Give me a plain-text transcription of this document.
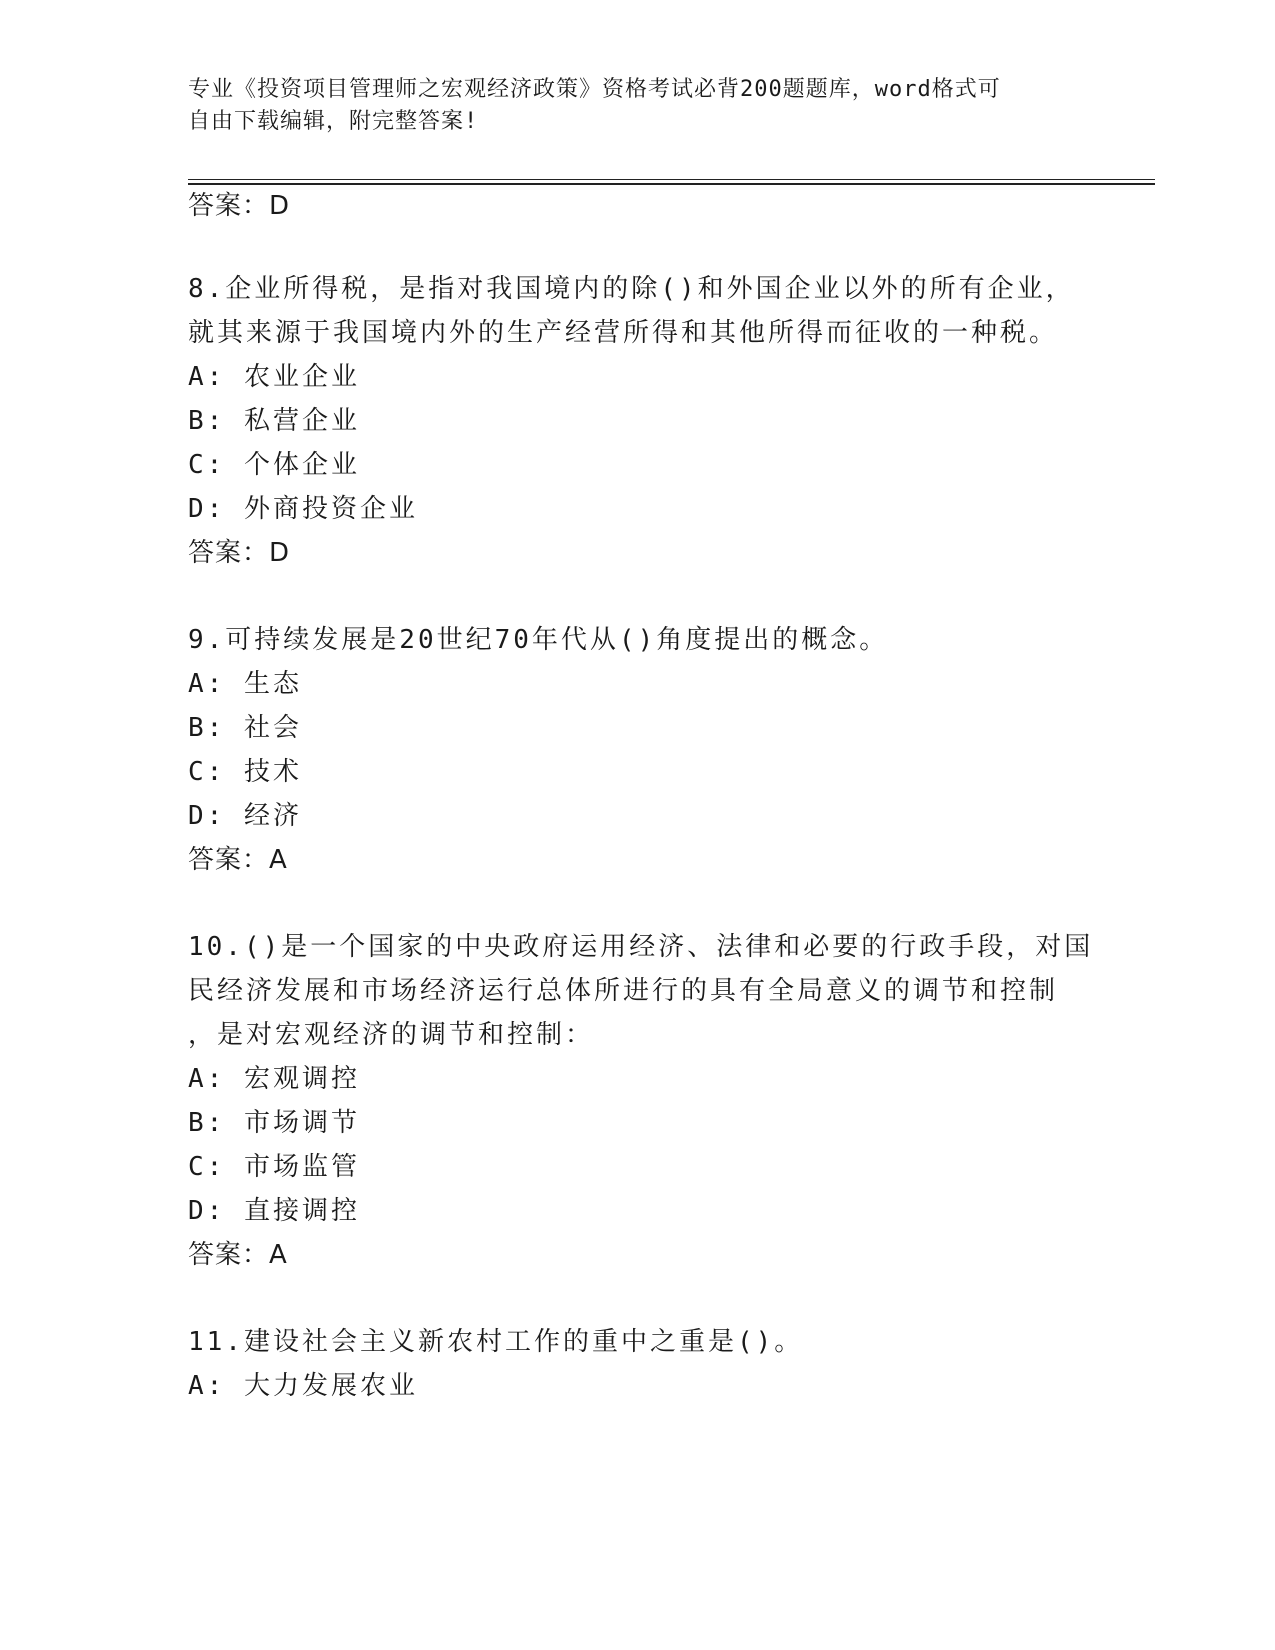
专业《投资项目管理师之宏观经济政策》资格考试必背200题题库，word格式可
自由下载编辑，附完整答案!
答案：D
8.企业所得税，是指对我国境内的除()和外国企业以外的所有企业，
就其来源于我国境内外的生产经营所得和其他所得而征收的一种税。
A: 农业企业
B: 私营企业
C: 个体企业
D: 外商投资企业
答案：D
9.可持续发展是20世纪70年代从()角度提出的概念。
A: 生态
B: 社会
C: 技术
D: 经济
答案：A
10.()是一个国家的中央政府运用经济、法律和必要的行政手段，对国
民经济发展和市场经济运行总体所进行的具有全局意义的调节和控制
，是对宏观经济的调节和控制：
A: 宏观调控
B: 市场调节
C: 市场监管
D: 直接调控
答案：A
11.建设社会主义新农村工作的重中之重是()。
A: 大力发展农业
